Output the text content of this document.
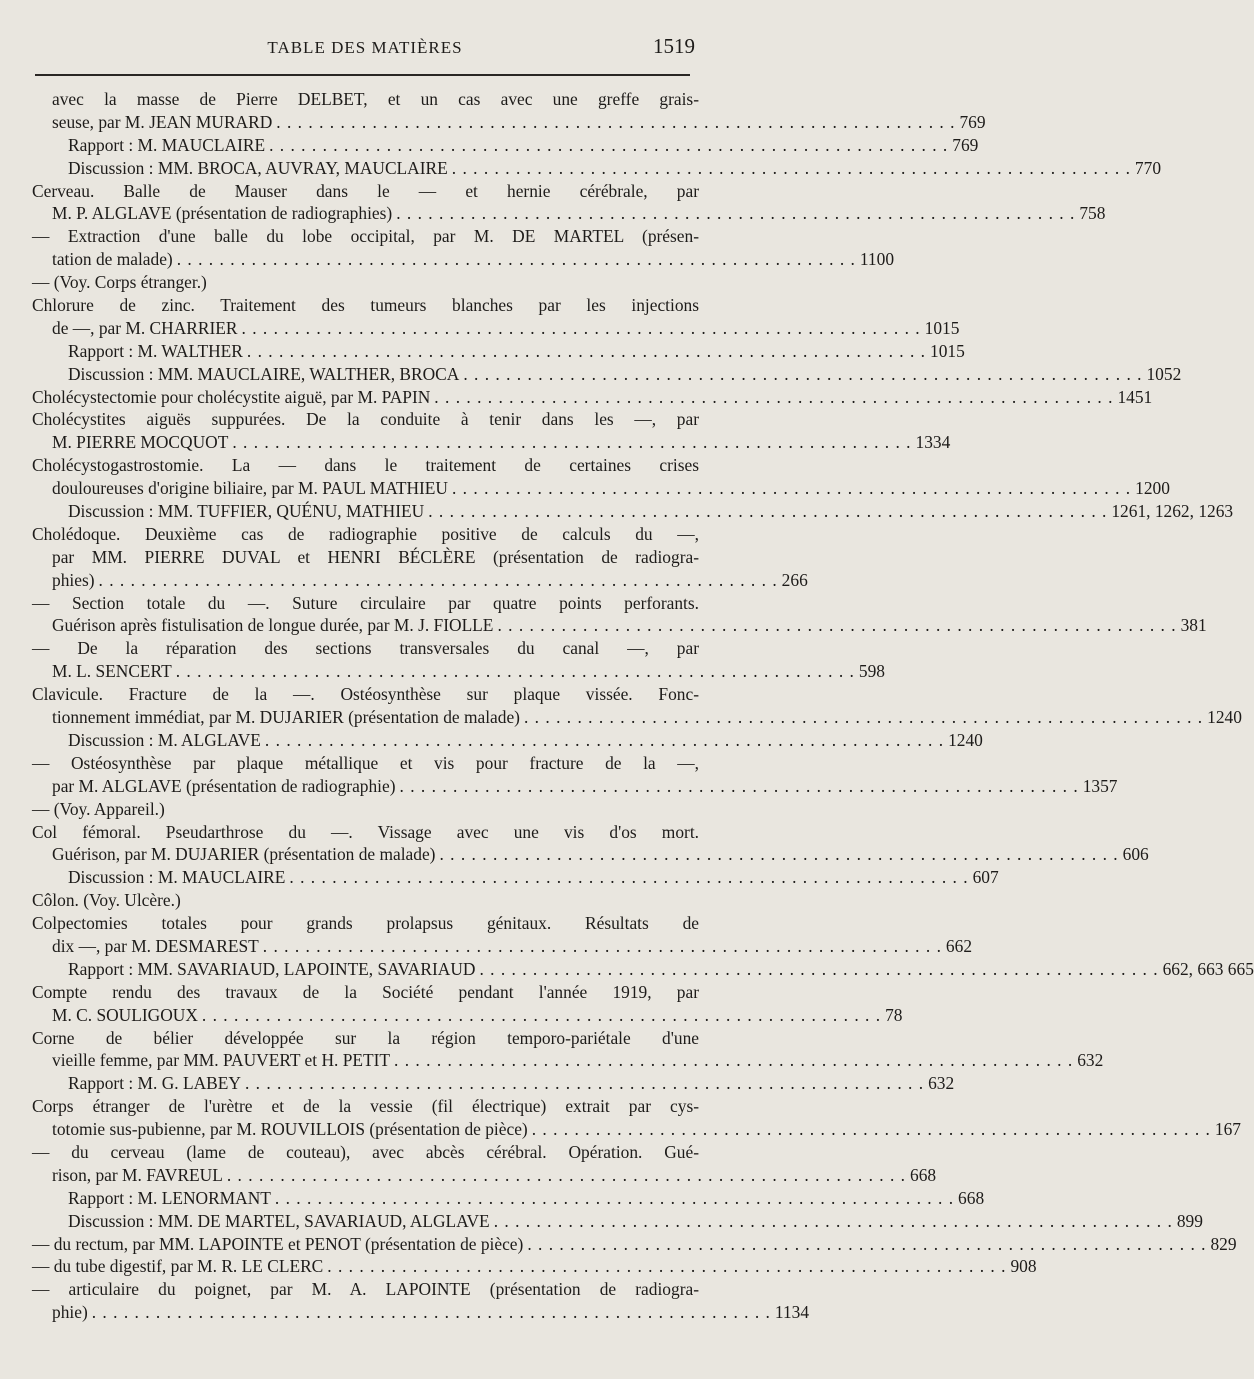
TABLE DES MATIÈRES	1519
avec la masse de Pierre DELBET, et un cas avec une greffe grais-
seuse, par M. JEAN MURARD . . .	769
Rapport : M. MAUCLAIRE . . .	769
Discussion : MM. BROCA, AUVRAY, MAUCLAIRE . . .	770
Cerveau. Balle de Mauser dans le — et hernie cérébrale, par
M. P. ALGLAVE (présentation de radiographies) . . .	758
— Extraction d'une balle du lobe occipital, par M. DE MARTEL (présen-
tation de malade) . . .	1100
— (Voy. Corps étranger.)
Chlorure de zinc. Traitement des tumeurs blanches par les injections
de —, par M. CHARRIER . . .	1015
Rapport : M. WALTHER . . .	1015
Discussion : MM. MAUCLAIRE, WALTHER, BROCA . . .	1052
Cholécystectomie pour cholécystite aiguë, par M. PAPIN . . .	1451
Cholécystites aiguës suppurées. De la conduite à tenir dans les —, par
M. PIERRE MOCQUOT . . .	1334
Cholécystogastrostomie. La — dans le traitement de certaines crises
douloureuses d'origine biliaire, par M. PAUL MATHIEU . . .	1200
Discussion : MM. TUFFIER, QUÉNU, MATHIEU . . .	1261, 1262, 1263
Cholédoque. Deuxième cas de radiographie positive de calculs du —,
par MM. PIERRE DUVAL et HENRI BÉCLÈRE (présentation de radiogra-
phies) . . .	266
— Section totale du —. Suture circulaire par quatre points perforants.
Guérison après fistulisation de longue durée, par M. J. FIOLLE . . .	381
— De la réparation des sections transversales du canal —, par
M. L. SENCERT . . .	598
Clavicule. Fracture de la —. Ostéosynthèse sur plaque vissée. Fonc-
tionnement immédiat, par M. DUJARIER (présentation de malade) . . .	1240
Discussion : M. ALGLAVE . . .	1240
— Ostéosynthèse par plaque métallique et vis pour fracture de la —,
par M. ALGLAVE (présentation de radiographie) . . .	1357
— (Voy. Appareil.)
Col fémoral. Pseudarthrose du —. Vissage avec une vis d'os mort.
Guérison, par M. DUJARIER (présentation de malade) . . .	606
Discussion : M. MAUCLAIRE . . .	607
Côlon. (Voy. Ulcère.)
Colpectomies totales pour grands prolapsus génitaux. Résultats de
dix —, par M. DESMAREST . . .	662
Rapport : MM. SAVARIAUD, LAPOINTE, SAVARIAUD . . .	662, 663 665
Compte rendu des travaux de la Société pendant l'année 1919, par
M. C. SOULIGOUX . . .	78
Corne de bélier développée sur la région temporo-pariétale d'une
vieille femme, par MM. PAUVERT et H. PETIT . . .	632
Rapport : M. G. LABEY . . .	632
Corps étranger de l'urètre et de la vessie (fil électrique) extrait par cys-
totomie sus-pubienne, par M. ROUVILLOIS (présentation de pièce) . . .	167
— du cerveau (lame de couteau), avec abcès cérébral. Opération. Gué-
rison, par M. FAVREUL . . .	668
Rapport : M. LENORMANT . . .	668
Discussion : MM. DE MARTEL, SAVARIAUD, ALGLAVE . . .	899
— du rectum, par MM. LAPOINTE et PENOT (présentation de pièce) . . .	829
— du tube digestif, par M. R. LE CLERC . . .	908
— articulaire du poignet, par M. A. LAPOINTE (présentation de radiogra-
phie) . . .	1134
